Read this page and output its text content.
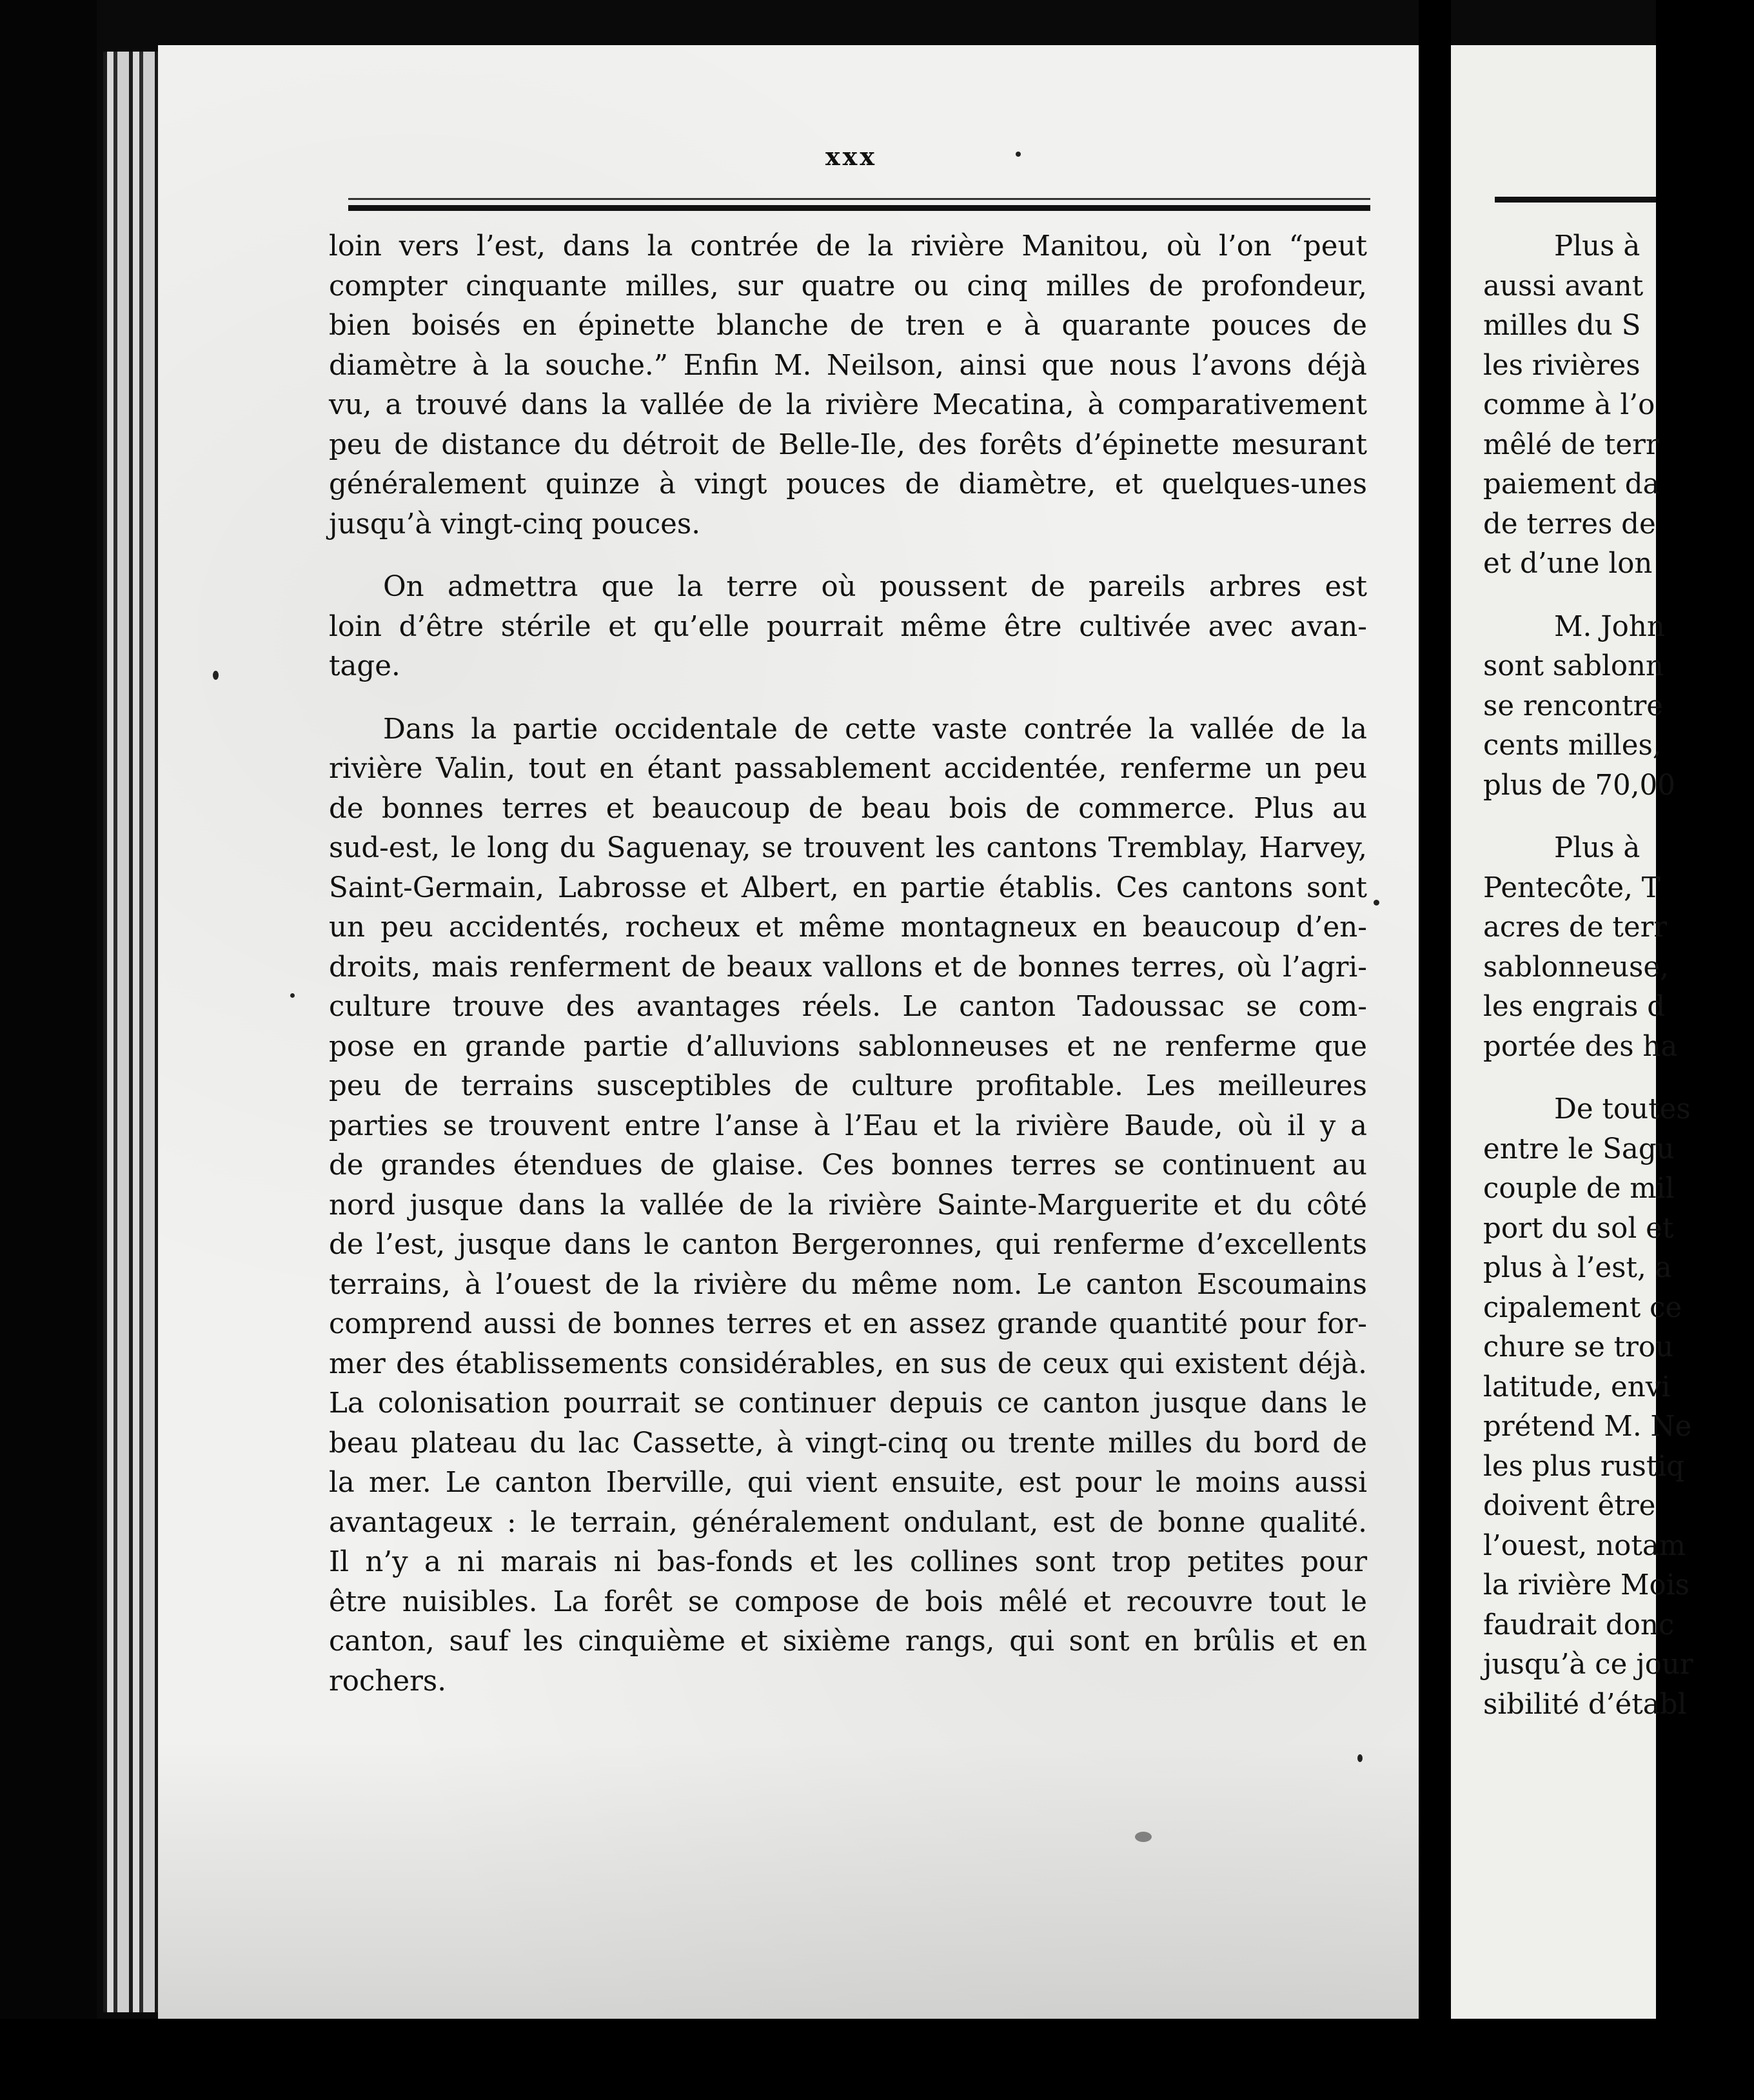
xxx
loin vers l’est, dans la contrée de la rivière Manitou, où l’on “peut
compter cinquante milles, sur quatre ou cinq milles de profondeur,
bien boisés en épinette blanche de tren e à quarante pouces de
diamètre à la souche.” Enfin M. Neilson, ainsi que nous l’avons déjà
vu, a trouvé dans la vallée de la rivière Mecatina, à comparativement
peu de distance du détroit de Belle-Ile, des forêts d’épinette mesurant
généralement quinze à vingt pouces de diamètre, et quelques-unes
jusqu’à vingt-cinq pouces.
On admettra que la terre où poussent de pareils arbres est
loin d’être stérile et qu’elle pourrait même être cultivée avec avan-
tage.
Dans la partie occidentale de cette vaste contrée la vallée de la
rivière Valin, tout en étant passablement accidentée, renferme un peu
de bonnes terres et beaucoup de beau bois de commerce. Plus au
sud-est, le long du Saguenay, se trouvent les cantons Tremblay, Harvey,
Saint-Germain, Labrosse et Albert, en partie établis. Ces cantons sont
un peu accidentés, rocheux et même montagneux en beaucoup d’en-
droits, mais renferment de beaux vallons et de bonnes terres, où l’agri-
culture trouve des avantages réels. Le canton Tadoussac se com-
pose en grande partie d’alluvions sablonneuses et ne renferme que
peu de terrains susceptibles de culture profitable. Les meilleures
parties se trouvent entre l’anse à l’Eau et la rivière Baude, où il y a
de grandes étendues de glaise. Ces bonnes terres se continuent au
nord jusque dans la vallée de la rivière Sainte-Marguerite et du côté
de l’est, jusque dans le canton Bergeronnes, qui renferme d’excellents
terrains, à l’ouest de la rivière du même nom. Le canton Escoumains
comprend aussi de bonnes terres et en assez grande quantité pour for-
mer des établissements considérables, en sus de ceux qui existent déjà.
La colonisation pourrait se continuer depuis ce canton jusque dans le
beau plateau du lac Cassette, à vingt-cinq ou trente milles du bord de
la mer. Le canton Iberville, qui vient ensuite, est pour le moins aussi
avantageux : le terrain, généralement ondulant, est de bonne qualité.
Il n’y a ni marais ni bas-fonds et les collines sont trop petites pour
être nuisibles. La forêt se compose de bois mêlé et recouvre tout le
canton, sauf les cinquième et sixième rangs, qui sont en brûlis et en
rochers.
Plus à
aussi avant
milles du S
les rivières
comme à l’o
mêlé de terr
paiement da
de terres de
et d’une lon
M. John
sont sablonn
se rencontre
cents milles,
plus de 70,00
Plus à
Pentecôte, T
acres de terr
sablonneuse,
les engrais d
portée des ha
De toutes
entre le Sagu
couple de mil
port du sol et
plus à l’est, a
cipalement ce
chure se trou
latitude, envi
prétend M. Ne
les plus rustiq
doivent être
l’ouest, notam
la rivière Mois
faudrait donc
jusqu’à ce jour
sibilité d’établ
